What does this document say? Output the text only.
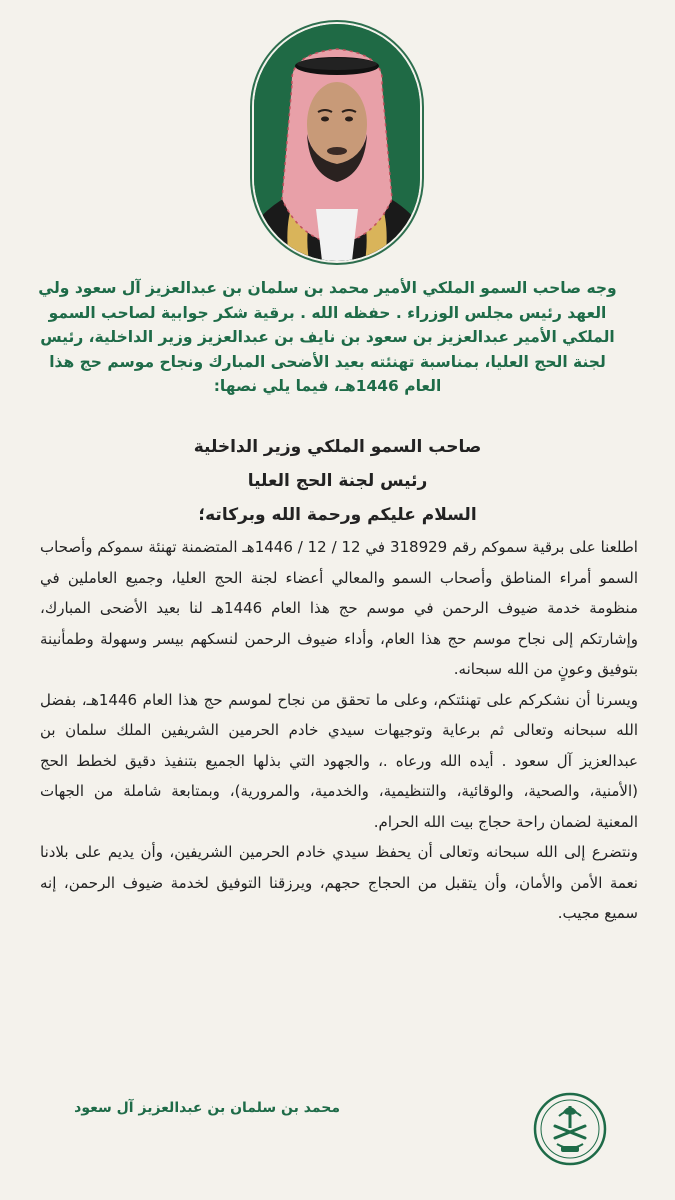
وجه صاحب السمو الملكي الأمير محمد بن سلمان بن عبدالعزيز آل سعود ولي العهد رئيس مجلس الوزراء . حفظه الله . برقية شكر جوابية لصاحب السمو الملكي الأمير عبدالعزيز بن سعود بن نايف بن عبدالعزيز وزير الداخلية، رئيس لجنة الحج العليا، بمناسبة تهنئته بعيد الأضحى المبارك ونجاح موسم حج هذا العام 1446هـ، فيما يلي نصها:
صاحب السمو الملكي وزير الداخلية
رئيس لجنة الحج العليا
السلام عليكم ورحمة الله وبركاته؛

اطلعنا على برقية سموكم رقم 318929 في 12 / 12 / 1446هـ المتضمنة تهنئة سموكم وأصحاب السمو أمراء المناطق وأصحاب السمو والمعالي أعضاء لجنة الحج العليا، وجميع العاملين في منظومة خدمة ضيوف الرحمن في موسم حج هذا العام 1446هـ لنا بعيد الأضحى المبارك، وإشارتكم إلى نجاح موسم حج هذا العام، وأداء ضيوف الرحمن لنسكهم بيسر وسهولة وطمأنينة بتوفيق وعونٍ من الله سبحانه.

ويسرنا أن نشكركم على تهنئتكم، وعلى ما تحقق من نجاح لموسم حج هذا العام 1446هـ، بفضل الله سبحانه وتعالى ثم برعاية وتوجيهات سيدي خادم الحرمين الشريفين الملك سلمان بن عبدالعزيز آل سعود . أيده الله ورعاه .، والجهود التي بذلها الجميع بتنفيذ دقيق لخطط الحج (الأمنية، والصحية، والوقائية، والتنظيمية، والخدمية، والمرورية)، وبمتابعة شاملة من الجهات المعنية لضمان راحة حجاج بيت الله الحرام.

ونتضرع إلى الله سبحانه وتعالى أن يحفظ سيدي خادم الحرمين الشريفين، وأن يديم على بلادنا نعمة الأمن والأمان، وأن يتقبل من الحجاج حجهم، ويرزقنا التوفيق لخدمة ضيوف الرحمن، إنه سميع مجيب.

محمد بن سلمان بن عبدالعزيز آل سعود
